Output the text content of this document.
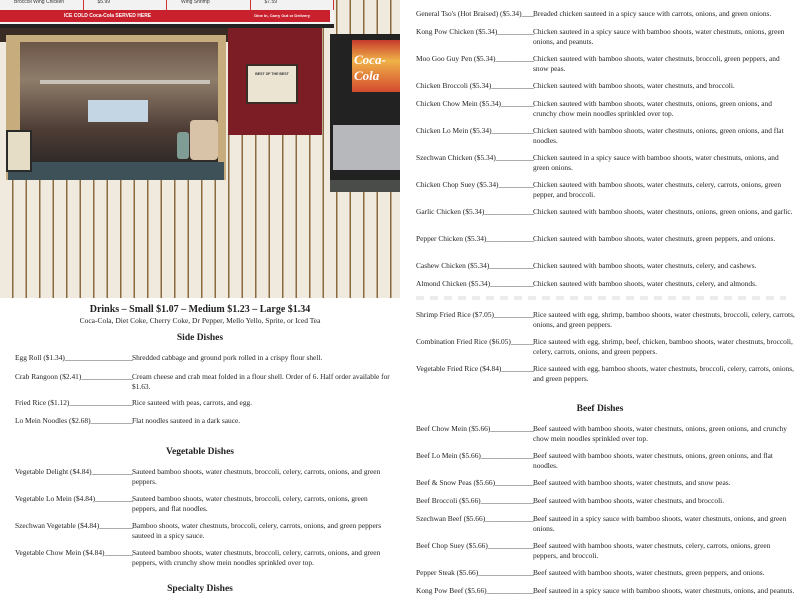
Broccoli Wing Chicken	$5.99	Wing Shrimp	$7.59
ICE COLD Coca-Cola SERVED HERE	Dine In, Carry Out or Delivery
BEST OF THE BEST
Coca-Cola
Drinks – Small $1.07 – Medium $1.23 – Large $1.34
Coca-Cola, Diet Coke, Cherry Coke, Dr Pepper, Mello Yello, Sprite, or Iced Tea
Side Dishes
Egg Roll ($1.34) _____	Shredded cabbage and ground pork rolled in a crispy flour shell.
Crab Rangoon ($2.41) _____	Cream cheese and crab meat folded in a flour shell. Order of 6. Half order available for $1.63.
Fried Rice ($1.12) _____	Rice sauteed with peas, carrots, and egg.
Lo Mein Noodles ($2.68) _____	Flat noodles sauteed in a dark sauce.
Vegetable Dishes
Vegetable Delight ($4.84) _____	Sauteed bamboo shoots, water chestnuts, broccoli, celery, carrots, onions, and green peppers.
Vegetable Lo Mein ($4.84) _____	Sauteed bamboo shoots, water chestnuts, broccoli, celery, carrots, onions, green peppers, and flat noodles.
Szechwan Vegetable ($4.84) _____	Bamboo shoots, water chestnuts, broccoli, celery, carrots, onions, and green peppers sauteed in a spicy sauce.
Vegetable Chow Mein ($4.84) _____	Sauteed bamboo shoots, water chestnuts, broccoli, celery, carrots, onions, and green peppers, with crunchy show mein noodles sprinkled over top.
Specialty Dishes
General Tso's (Hot Braised) ($5.34) _____	Breaded chicken sauteed in a spicy sauce with carrots, onions, and green onions.
Kong Pow Chicken ($5.34) _____	Chicken sauteed in a spicy sauce with bamboo shoots, water chestnuts, onions, green onions, and peanuts.
Moo Goo Guy Pen ($5.34) _____	Chicken sauteed with bamboo shoots, water chestnuts, broccoli, green peppers, and snow peas.
Chicken Broccoli ($5.34) _____	Chicken sauteed with bamboo shoots, water chestnuts, and broccoli.
Chicken Chow Mein ($5.34) _____	Chicken sauteed with bamboo shoots, water chestnuts, onions, green onions, and crunchy chow mein noodles sprinkled over top.
Chicken Lo Mein ($5.34) _____	Chicken sauteed with bamboo shoots, water chestnuts, onions, green onions, and flat noodles.
Szechwan Chicken ($5.34) _____	Chicken sauteed in a spicy sauce with bamboo shoots, water chestnuts, onions, and green onions.
Chicken Chop Suey ($5.34) _____	Chicken sauteed with bamboo shoots, water chestnuts, celery, carrots, onions, green pepper, and broccoli.
Garlic Chicken ($5.34) _____	Chicken sauteed with bamboo shoots, water chestnuts, onions, green onions, and garlic.
Pepper Chicken ($5.34) _____	Chicken sauteed with bamboo shoots, water chestnuts, green peppers, and onions.
Cashew Chicken ($5.34) _____	Chicken sauteed with bamboo shoots, water chestnuts, celery, and cashews.
Almond Chicken ($5.34) _____	Chicken sauteed with bamboo shoots, water chestnuts, celery, and almonds.
Shrimp Fried Rice ($7.05) _____	Rice sauteed with egg, shrimp, bamboo shoots, water chestnuts, broccoli, celery, carrots, onions, and green peppers.
Combination Fried Rice ($6.05) _____	Rice sauteed with egg, shrimp, beef, chicken, bamboo shoots, water chestnuts, broccoli, celery, carrots, onions, and green peppers.
Vegetable Fried Rice ($4.84) _____	Rice sauteed with egg, bamboo shoots, water chestnuts, broccoli, celery, carrots, onions, and green peppers.
Beef Dishes
Beef Chow Mein ($5.66) _____	Beef sauteed with bamboo shoots, water chestnuts, onions, green onions, and crunchy chow mein noodles sprinkled over top.
Beef Lo Mein ($5.66) _____	Beef sauteed with bamboo shoots, water chestnuts, onions, green onions, and flat noodles.
Beef & Snow Peas ($5.66) _____	Beef sauteed with bamboo shoots, water chestnuts, and snow peas.
Beef Broccoli ($5.66) _____	Beef sauteed with bamboo shoots, water chestnuts, and broccoli.
Szechwan Beef ($5.66) _____	Beef sauteed in a spicy sauce with bamboo shoots, water chestnuts, onions, and green onions.
Beef Chop Suey ($5.66) _____	Beef sauteed with bamboo shoots, water chestnuts, celery, carrots, onions, green peppers, and broccoli.
Pepper Steak ($5.66) _____	Beef sauteed with bamboo shoots, water chestnuts, green peppers, and onions.
Kong Pow Beef ($5.66) _____	Beef sauteed in a spicy sauce with bamboo shoots, water chestnuts, onions, and peanuts.
